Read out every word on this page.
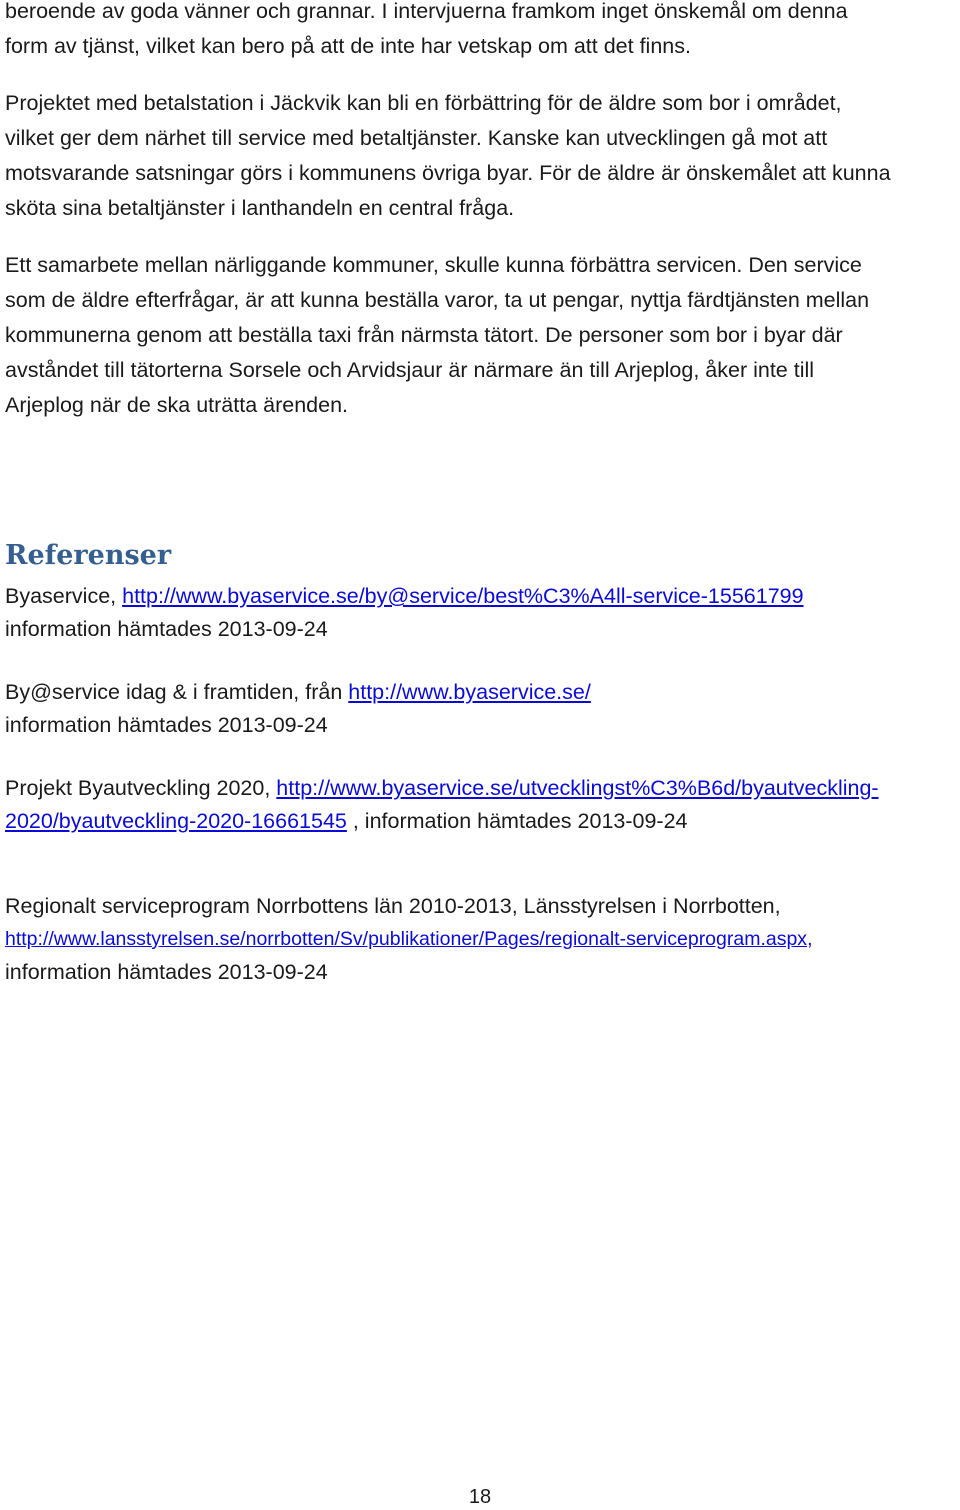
beroende av goda vänner och grannar. I intervjuerna framkom inget önskemål om denna
form av tjänst, vilket kan bero på att de inte har vetskap om att det finns.
Projektet med betalstation i Jäckvik kan bli en förbättring för de äldre som bor i området,
vilket ger dem närhet till service med betaltjänster. Kanske kan utvecklingen gå mot att
motsvarande satsningar görs i kommunens övriga byar. För de äldre är önskemålet att kunna
sköta sina betaltjänster i lanthandeln en central fråga.
Ett samarbete mellan närliggande kommuner, skulle kunna förbättra servicen. Den service
som de äldre efterfrågar, är att kunna beställa varor, ta ut pengar, nyttja färdtjänsten mellan
kommunerna genom att beställa taxi från närmsta tätort. De personer som bor i byar där
avståndet till tätorterna Sorsele och Arvidsjaur är närmare än till Arjeplog, åker inte till
Arjeplog när de ska uträtta ärenden.
Referenser
Byaservice, http://www.byaservice.se/by@service/best%C3%A4ll-service-15561799
information hämtades 2013-09-24
By@service idag & i framtiden, från http://www.byaservice.se/
information hämtades 2013-09-24
Projekt Byautveckling 2020, http://www.byaservice.se/utvecklingst%C3%B6d/byautveckling-
2020/byautveckling-2020-16661545 , information hämtades 2013-09-24
Regionalt serviceprogram Norrbottens län 2010-2013, Länsstyrelsen i Norrbotten,
http://www.lansstyrelsen.se/norrbotten/Sv/publikationer/Pages/regionalt-serviceprogram.aspx,
information hämtades 2013-09-24
18
